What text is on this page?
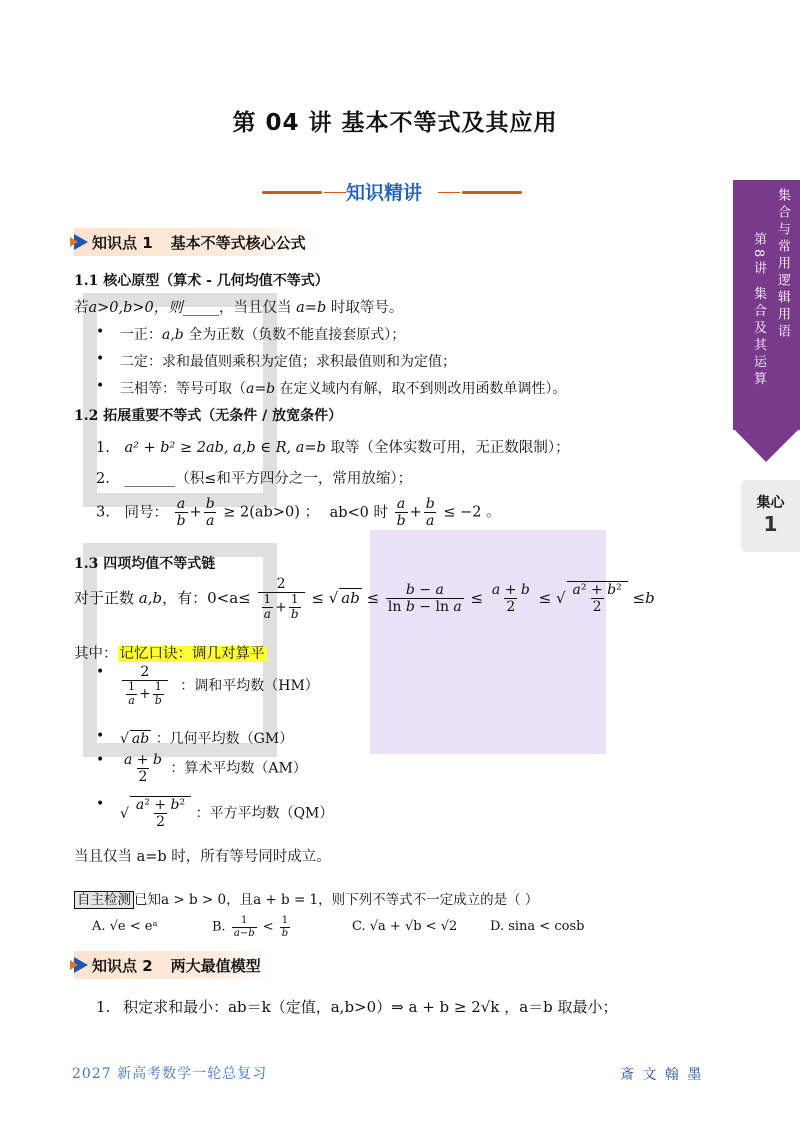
第 04 讲 基本不等式及其应用
知识精讲	集合与常用逻辑用语
第8讲 集合及其运算
集心
1
知识点 1 基本不等式核心公式
1.1 核心原型（算术 - 几何均值不等式）
若a>0,b>0，则_____，当且仅当 a=b 时取等号。
• 一正：a,b 全为正数（负数不能直接套原式）；
• 二定：求和最值则乘积为定值；求积最值则和为定值；
• 三相等：等号可取（a=b 在定义域内有解，取不到则改用函数单调性）。
1.2 拓展重要不等式（无条件 / 放宽条件）
1. a² + b² ≥ 2ab, a,b ∈ R, a=b 取等（全体实数可用，无正数限制）；
2. _______（积≤和平方四分之一，常用放缩）；
3. 同号： $\frac{a}{b} + \frac{b}{a} \ge 2(ab>0)$ ； ab<0 时 $\frac{a}{b} + \frac{b}{a} \le -2$ 。
1.3 四项均值不等式链
对于正数 a,b，有：$0<a\le \frac{2}{\frac{1}{a} + \frac{1}{b}}$ ≤ √ ab ≤ $\frac{b - a}{\text{ln b − ln a}} \le \frac{a + b}{2}$ ≤ √ $\frac{\text{a² + b²}}{2} \le b$
其中： 记忆口诀：调几对算平
• $\frac{2}{\frac{1}{a} + \frac{1}{b}}$ ：调和平均数（HM）
• √ ab ：几何平均数（GM）
• $\frac{a + b}{2}$ ：算术平均数（AM）
• √ $\frac{\text{a² + b²}}{2}$ ：平方平均数（QM）
当且仅当 a=b 时，所有等号同时成立。
自主检测 已知a > b > 0，且a + b = 1，则下列不等式不一定成立的是（ ）
A. √e < eᵃ	B. $\frac{1}{a-b} < \frac{1}{b}$	C. √a + √b < √2	D. sina < cosb
知识点 2 两大最值模型
1. 积定求和最小：ab＝k（定值，a,b>0）⇒ a + b ≥ 2√k ，a＝b 取最小；
2027 新高考数学一轮总复习	斎 文 翰 墨
